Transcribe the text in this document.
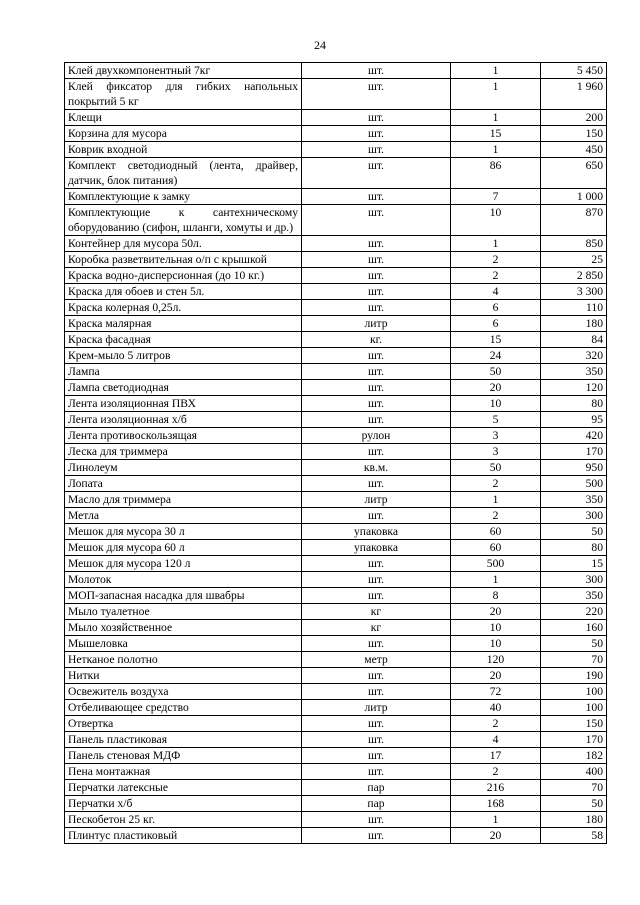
24
Клей двухкомпонентный 7кг	шт.	1	5 450
Клей фиксатор для гибких напольных покрытий 5 кг	шт.	1	1 960
Клещи	шт.	1	200
Корзина для мусора	шт.	15	150
Коврик входной	шт.	1	450
Комплект светодиодный (лента, драйвер, датчик, блок питания)	шт.	86	650
Комплектующие к замку	шт.	7	1 000
Комплектующие к сантехническому оборудованию (сифон, шланги, хомуты и др.)	шт.	10	870
Контейнер для мусора 50л.	шт.	1	850
Коробка разветвительная о/п с крышкой	шт.	2	25
Краска водно-дисперсионная (до 10 кг.)	шт.	2	2 850
Краска для обоев и стен 5л.	шт.	4	3 300
Краска колерная 0,25л.	шт.	6	110
Краска малярная	литр	6	180
Краска фасадная	кг.	15	84
Крем-мыло 5 литров	шт.	24	320
Лампа	шт.	50	350
Лампа светодиодная	шт.	20	120
Лента изоляционная ПВХ	шт.	10	80
Лента изоляционная х/б	шт.	5	95
Лента противоскользящая	рулон	3	420
Леска для триммера	шт.	3	170
Линолеум	кв.м.	50	950
Лопата	шт.	2	500
Масло для триммера	литр	1	350
Метла	шт.	2	300
Мешок для мусора 30 л	упаковка	60	50
Мешок для мусора 60 л	упаковка	60	80
Мешок для мусора 120 л	шт.	500	15
Молоток	шт.	1	300
МОП-запасная насадка для швабры	шт.	8	350
Мыло туалетное	кг	20	220
Мыло хозяйственное	кг	10	160
Мышеловка	шт.	10	50
Нетканое полотно	метр	120	70
Нитки	шт.	20	190
Освежитель воздуха	шт.	72	100
Отбеливающее средство	литр	40	100
Отвертка	шт.	2	150
Панель пластиковая	шт.	4	170
Панель стеновая МДФ	шт.	17	182
Пена монтажная	шт.	2	400
Перчатки латексные	пар	216	70
Перчатки х/б	пар	168	50
Пескобетон 25 кг.	шт.	1	180
Плинтус пластиковый	шт.	20	58
